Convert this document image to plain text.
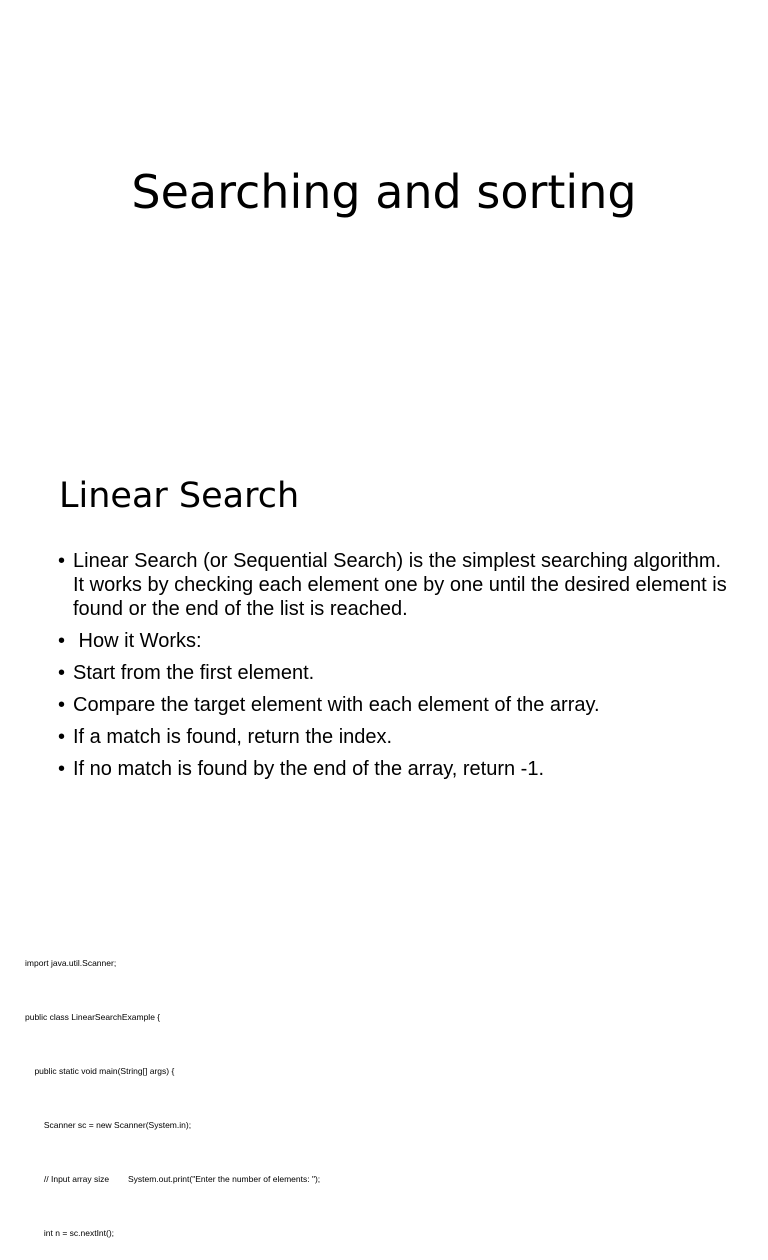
Searching and sorting
Linear Search
• Linear Search (or Sequential Search) is the simplest searching algorithm. It works by checking each element one by one until the desired element is found or the end of the list is reached.
• How it Works:
• Start from the first element.
• Compare the target element with each element of the array.
• If a match is found, return the index.
• If no match is found by the end of the array, return -1.

import java.util.Scanner;

public class LinearSearchExample {

public static void main(String[] args) {

Scanner sc = new Scanner(System.in);

// Input array size        System.out.print("Enter the number of elements: ");

int n = sc.nextInt();
